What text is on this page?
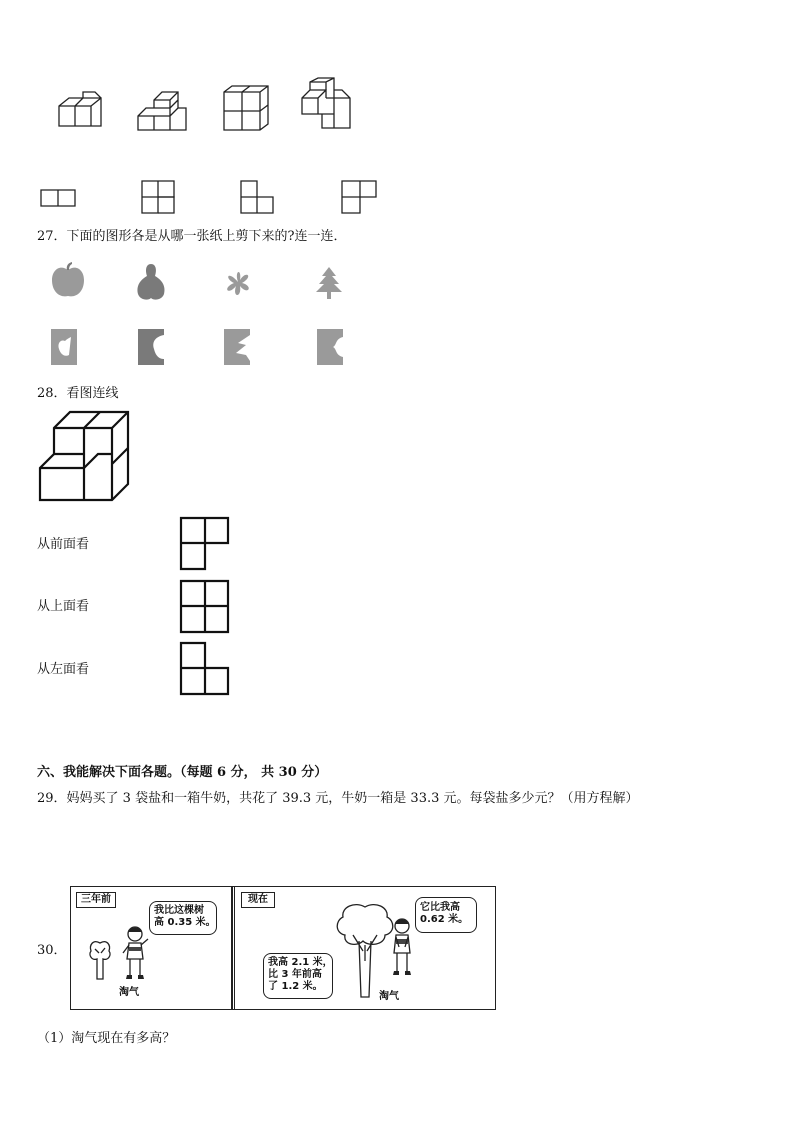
27．下面的图形各是从哪一张纸上剪下来的?连一连．
28．看图连线
从前面看
从上面看
从左面看
六、我能解决下面各题。（每题 6 分， 共 30 分）
29．妈妈买了 3 袋盐和一箱牛奶，共花了 39.3 元，牛奶一箱是 33.3 元。每袋盐多少元？（用方程解）
30．
三年前	现在
我比这棵树
高 0.35 米。
它比我高
0.62 米。
我高 2.1 米，
比 3 年前高
了 1.2 米。
淘气	淘气
（1）淘气现在有多高？
